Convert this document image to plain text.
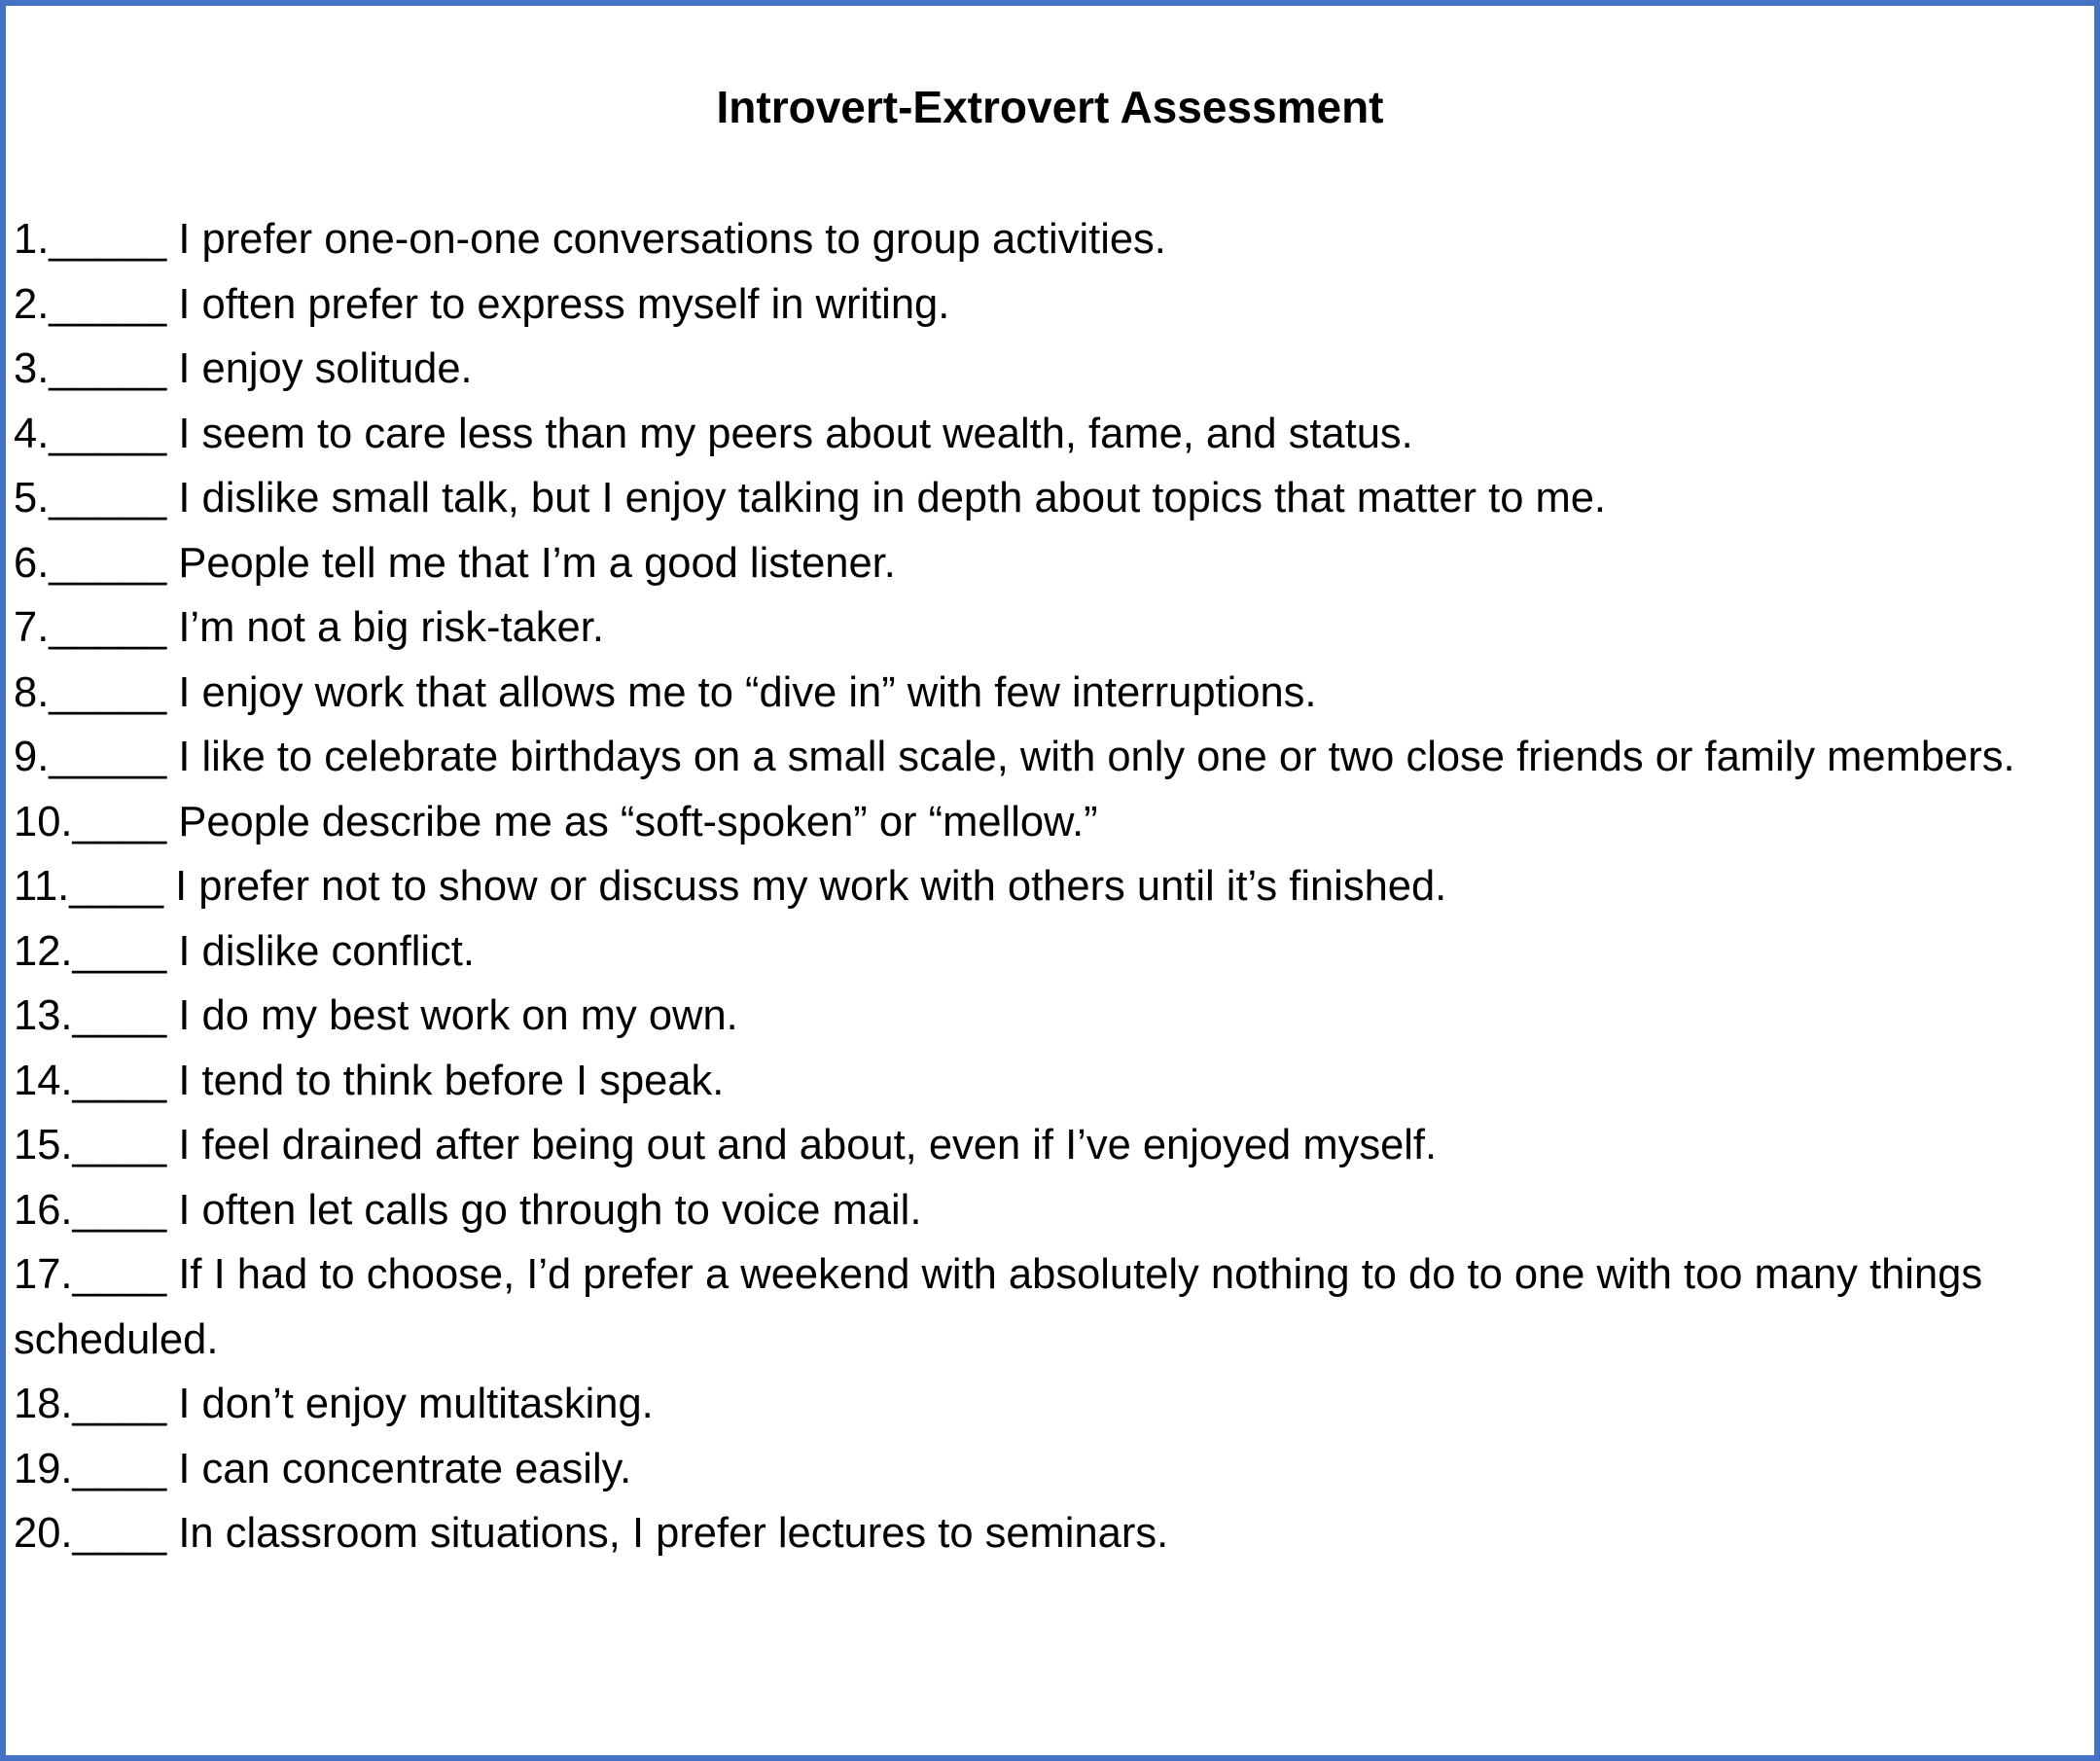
Introvert-Extrovert Assessment
1._____ I prefer one-on-one conversations to group activities.
2._____ I often prefer to express myself in writing.
3._____ I enjoy solitude.
4._____ I seem to care less than my peers about wealth, fame, and status.
5._____ I dislike small talk, but I enjoy talking in depth about topics that matter to me.
6._____ People tell me that I’m a good listener.
7._____ I’m not a big risk-taker.
8._____ I enjoy work that allows me to “dive in” with few interruptions.
9._____ I like to celebrate birthdays on a small scale, with only one or two close friends or family members.
10.____ People describe me as “soft-spoken” or “mellow.”
11.____ I prefer not to show or discuss my work with others until it’s finished.
12.____ I dislike conflict.
13.____ I do my best work on my own.
14.____ I tend to think before I speak.
15.____ I feel drained after being out and about, even if I’ve enjoyed myself.
16.____ I often let calls go through to voice mail.
17.____ If I had to choose, I’d prefer a weekend with absolutely nothing to do to one with too many things scheduled.
18.____ I don’t enjoy multitasking.
19.____ I can concentrate easily.
20.____ In classroom situations, I prefer lectures to seminars.
